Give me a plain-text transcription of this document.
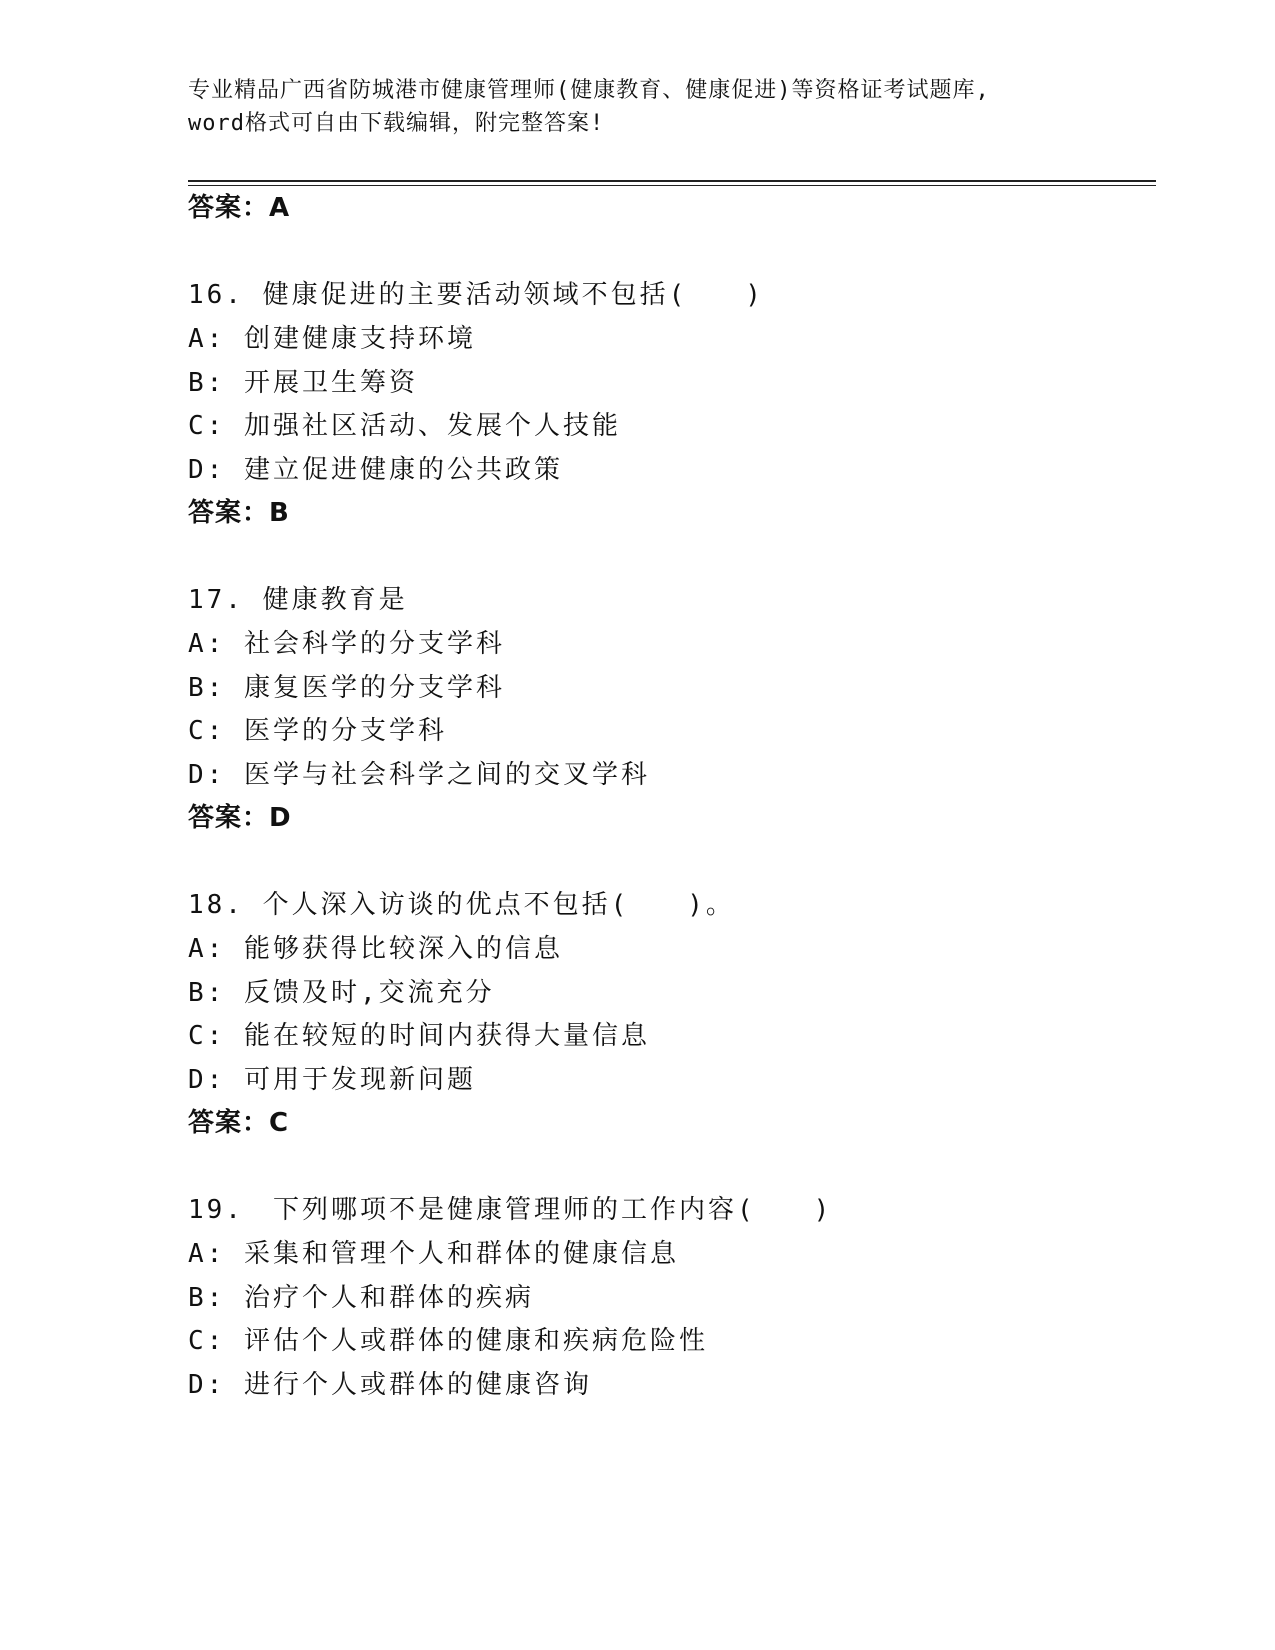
专业精品广西省防城港市健康管理师(健康教育、健康促进)等资格证考试题库,
word格式可自由下载编辑，附完整答案!
答案：A
16. 健康促进的主要活动领域不包括(　　)
A: 创建健康支持环境
B: 开展卫生筹资
C: 加强社区活动、发展个人技能
D: 建立促进健康的公共政策
答案：B
17. 健康教育是
A: 社会科学的分支学科
B: 康复医学的分支学科
C: 医学的分支学科
D: 医学与社会科学之间的交叉学科
答案：D
18. 个人深入访谈的优点不包括(　　)。
A: 能够获得比较深入的信息
B: 反馈及时,交流充分
C: 能在较短的时间内获得大量信息
D: 可用于发现新问题
答案：C
19.　下列哪项不是健康管理师的工作内容(　　)
A: 采集和管理个人和群体的健康信息
B: 治疗个人和群体的疾病
C: 评估个人或群体的健康和疾病危险性
D: 进行个人或群体的健康咨询
